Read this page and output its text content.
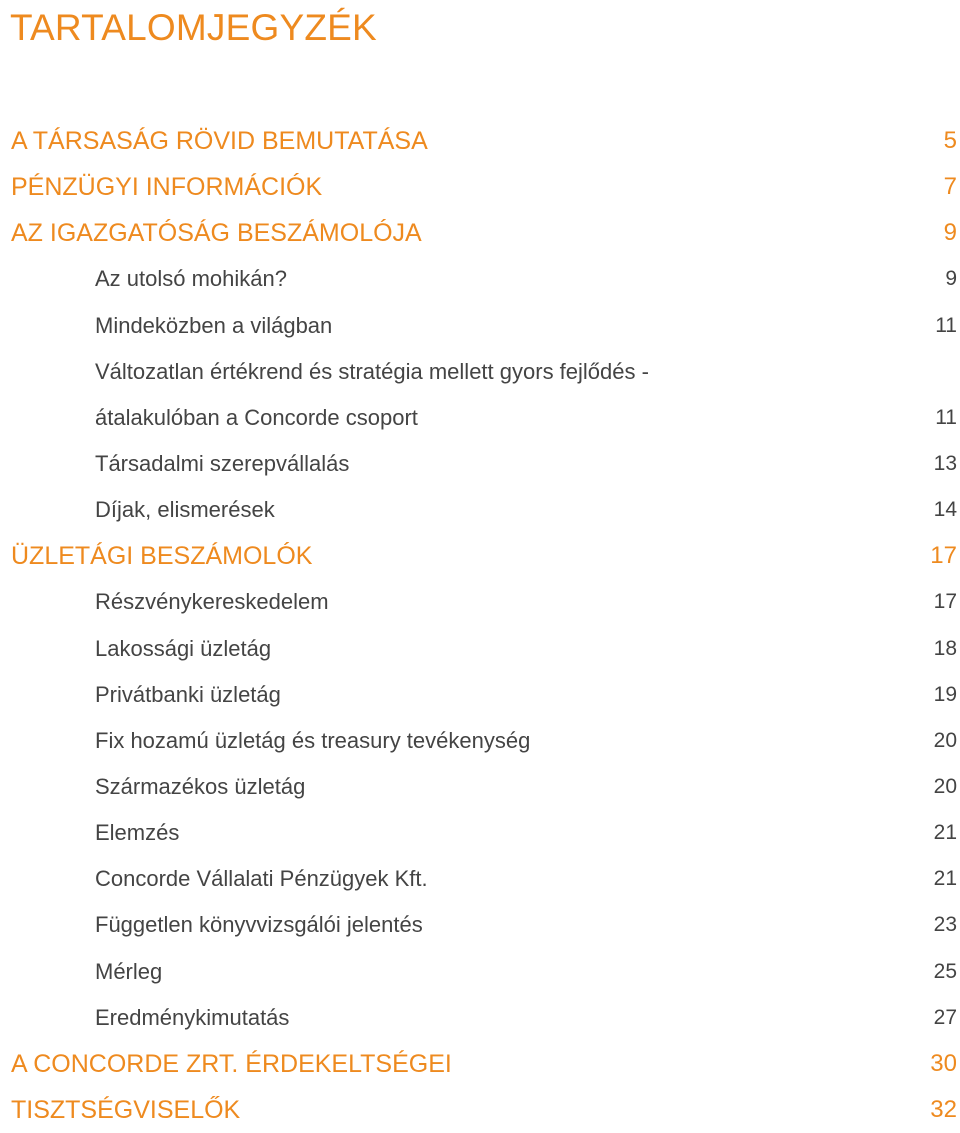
TARTALOMJEGYZÉK
A TÁRSASÁG RÖVID BEMUTATÁSA	5
PÉNZÜGYI INFORMÁCIÓK	7
AZ IGAZGATÓSÁG BESZÁMOLÓJA	9
Az utolsó mohikán?	9
Mindeközben a világban	11
Változatlan értékrend és stratégia mellett gyors fejlődés -
átalakulóban a Concorde csoport	11
Társadalmi szerepvállalás	13
Díjak, elismerések	14
ÜZLETÁGI BESZÁMOLÓK	17
Részvénykereskedelem	17
Lakossági üzletág	18
Privátbanki üzletág	19
Fix hozamú üzletág és treasury tevékenység	20
Származékos üzletág	20
Elemzés	21
Concorde Vállalati Pénzügyek Kft.	21
Független könyvvizsgálói jelentés	23
Mérleg	25
Eredménykimutatás	27
A CONCORDE ZRT. ÉRDEKELTSÉGEI	30
TISZTSÉGVISELŐK	32
